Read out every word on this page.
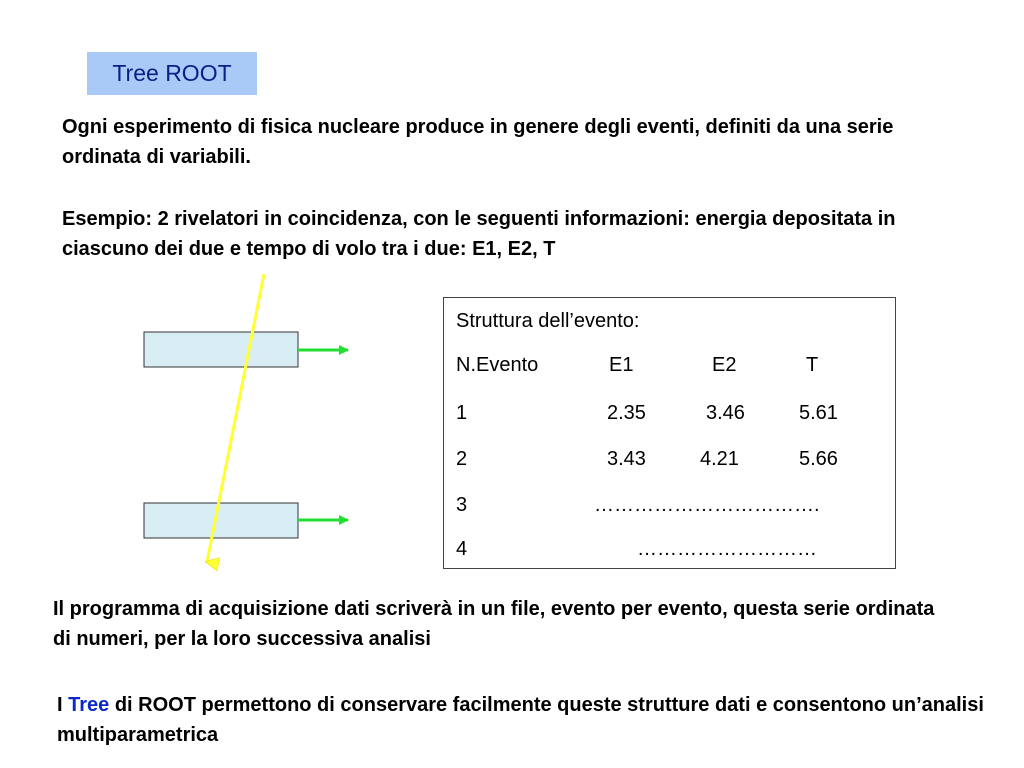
Tree ROOT

Ogni esperimento di fisica nucleare produce in genere degli eventi, definiti da una serie ordinata di variabili.

Esempio: 2 rivelatori in coincidenza, con le seguenti informazioni: energia depositata in ciascuno dei due e tempo di volo tra i due: E1, E2, T

Struttura dell’evento:
N.Evento	E1	E2	T
1	2.35	3.46	5.61
2	3.43	4.21	5.66
3	…………………………….
4	………………………

Il programma di acquisizione dati scriverà in un file, evento per evento, questa serie ordinata di numeri, per la loro successiva analisi

I Tree di ROOT permettono di conservare facilmente queste strutture dati e consentono un’analisi multiparametrica
